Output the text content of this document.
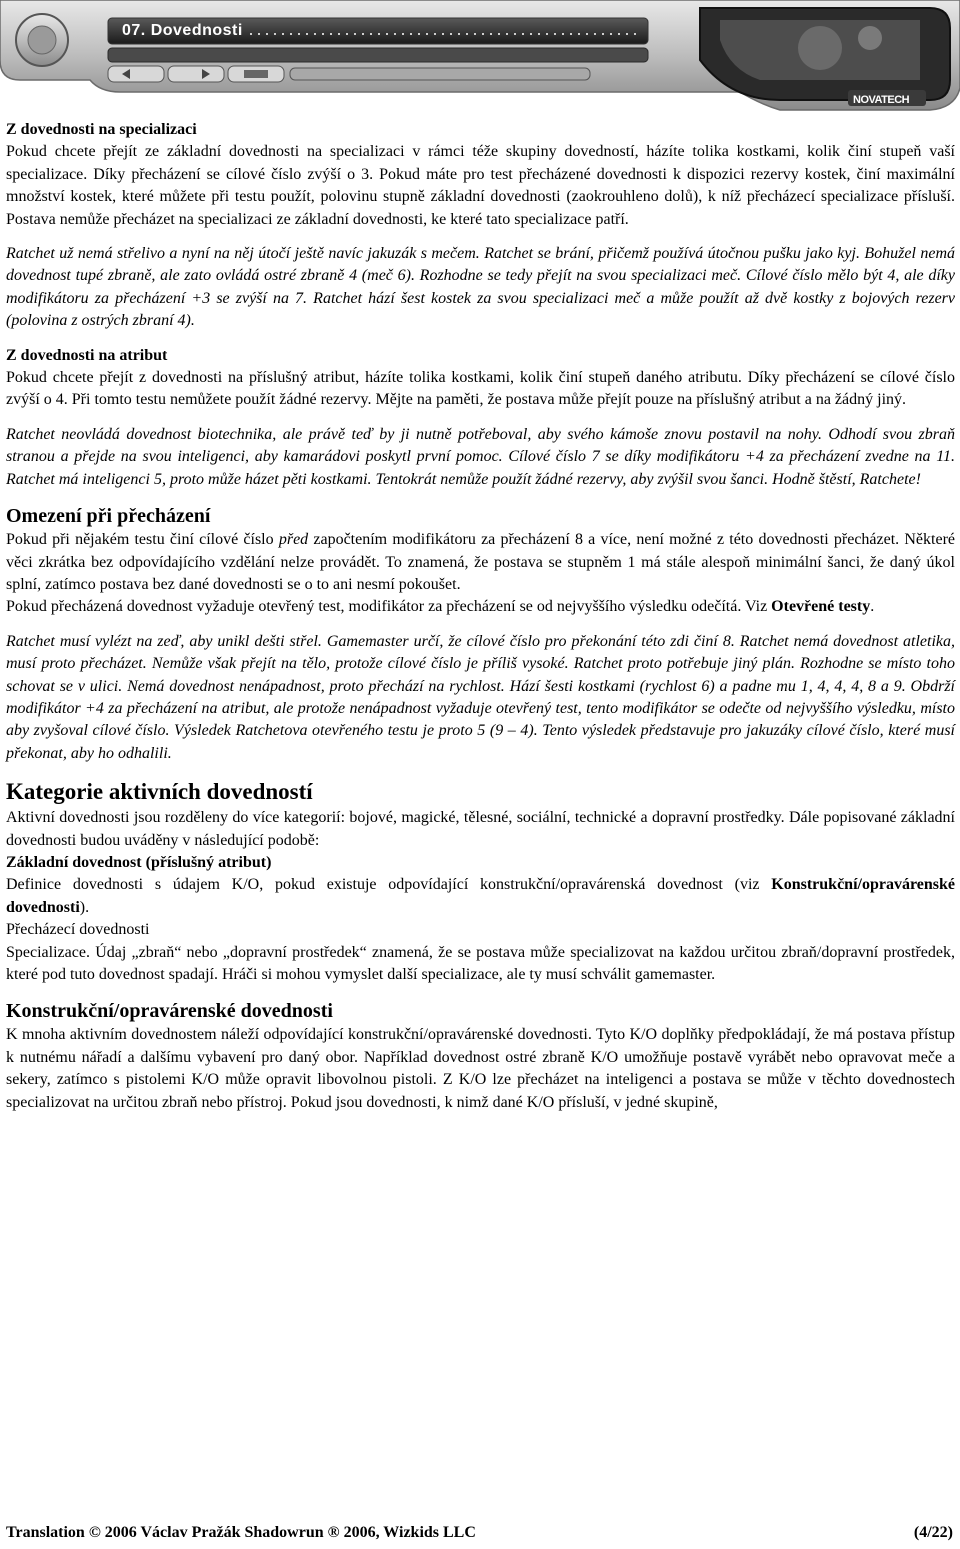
07. Dovednosti
NOVATECH

Z dovednosti na specializaci

Pokud chcete přejít ze základní dovednosti na specializaci v rámci téže skupiny dovedností, házíte tolika kostkami, kolik činí stupeň vaší specializace. Díky přecházení se cílové číslo zvýší o 3. Pokud máte pro test přecházené dovednosti k dispozici rezervy kostek, činí maximální množství kostek, které můžete při testu použít, polovinu stupně základní dovednosti (zaokrouhleno dolů), k níž přecházecí specializace přísluší. Postava nemůže přecházet na specializaci ze základní dovednosti, ke které tato specializace patří.

Ratchet už nemá střelivo a nyní na něj útočí ještě navíc jakuzák s mečem. Ratchet se brání, přičemž používá útočnou pušku jako kyj. Bohužel nemá dovednost tupé zbraně, ale zato ovládá ostré zbraně 4 (meč 6). Rozhodne se tedy přejít na svou specializaci meč. Cílové číslo mělo být 4, ale díky modifikátoru za přecházení +3 se zvýší na 7. Ratchet hází šest kostek za svou specializaci meč a může použít až dvě kostky z bojových rezerv (polovina z ostrých zbraní 4).

Z dovednosti na atribut

Pokud chcete přejít z dovednosti na příslušný atribut, házíte tolika kostkami, kolik činí stupeň daného atributu. Díky přecházení se cílové číslo zvýší o 4. Při tomto testu nemůžete použít žádné rezervy. Mějte na paměti, že postava může přejít pouze na příslušný atribut a na žádný jiný.

Ratchet neovládá dovednost biotechnika, ale právě teď by ji nutně potřeboval, aby svého kámoše znovu postavil na nohy. Odhodí svou zbraň stranou a přejde na svou inteligenci, aby kamarádovi poskytl první pomoc. Cílové číslo 7 se díky modifikátoru +4 za přecházení zvedne na 11. Ratchet má inteligenci 5, proto může házet pěti kostkami. Tentokrát nemůže použít žádné rezervy, aby zvýšil svou šanci. Hodně štěstí, Ratchete!

Omezení při přecházení

Pokud při nějakém testu činí cílové číslo před započtením modifikátoru za přecházení 8 a více, není možné z této dovednosti přecházet. Některé věci zkrátka bez odpovídajícího vzdělání nelze provádět. To znamená, že postava se stupněm 1 má stále alespoň minimální šanci, že daný úkol splní, zatímco postava bez dané dovednosti se o to ani nesmí pokoušet.

Pokud přecházená dovednost vyžaduje otevřený test, modifikátor za přecházení se od nejvyššího výsledku odečítá. Viz Otevřené testy.

Ratchet musí vylézt na zeď, aby unikl dešti střel. Gamemaster určí, že cílové číslo pro překonání této zdi činí 8. Ratchet nemá dovednost atletika, musí proto přecházet. Nemůže však přejít na tělo, protože cílové číslo je příliš vysoké. Ratchet proto potřebuje jiný plán. Rozhodne se místo toho schovat se v ulici. Nemá dovednost nenápadnost, proto přechází na rychlost. Hází šesti kostkami (rychlost 6) a padne mu 1, 4, 4, 4, 8 a 9. Obdrží modifikátor +4 za přecházení na atribut, ale protože nenápadnost vyžaduje otevřený test, tento modifikátor se odečte od nejvyššího výsledku, místo aby zvyšoval cílové číslo. Výsledek Ratchetova otevřeného testu je proto 5 (9 – 4). Tento výsledek představuje pro jakuzáky cílové číslo, které musí překonat, aby ho odhalili.

Kategorie aktivních dovedností

Aktivní dovednosti jsou rozděleny do více kategorií: bojové, magické, tělesné, sociální, technické a dopravní prostředky. Dále popisované základní dovednosti budou uváděny v následující podobě:

Základní dovednost (příslušný atribut)

Definice dovednosti s údajem K/O, pokud existuje odpovídající konstrukční/opravárenská dovednost (viz Konstrukční/opravárenské dovednosti).

Přecházecí dovednosti

Specializace. Údaj „zbraň“ nebo „dopravní prostředek“ znamená, že se postava může specializovat na každou určitou zbraň/dopravní prostředek, které pod tuto dovednost spadají. Hráči si mohou vymyslet další specializace, ale ty musí schválit gamemaster.

Konstrukční/opravárenské dovednosti

K mnoha aktivním dovednostem náleží odpovídající konstrukční/opravárenské dovednosti. Tyto K/O doplňky předpokládají, že má postava přístup k nutnému nářadí a dalšímu vybavení pro daný obor. Například dovednost ostré zbraně K/O umožňuje postavě vyrábět nebo opravovat meče a sekery, zatímco s pistolemi K/O může opravit libovolnou pistoli. Z K/O lze přecházet na inteligenci a postava se může v těchto dovednostech specializovat na určitou zbraň nebo přístroj. Pokud jsou dovednosti, k nimž dané K/O přísluší, v jedné skupině,

Translation © 2006 Václav Pražák Shadowrun ® 2006, Wizkids LLC	(4/22)
